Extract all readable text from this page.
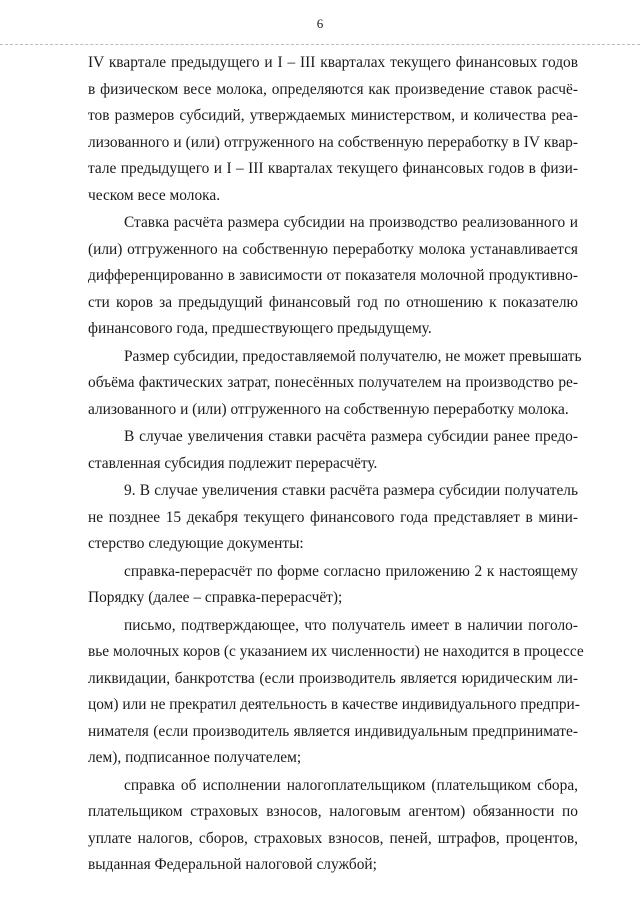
6
IV квартале предыдущего и I – III кварталах текущего финансовых годов
в физическом весе молока, определяются как произведение ставок расчё-
тов размеров субсидий, утверждаемых министерством, и количества реа-
лизованного и (или) отгруженного на собственную переработку в IV квар-
тале предыдущего и I – III кварталах текущего финансовых годов в физи-
ческом весе молока.
Ставка расчёта размера субсидии на производство реализованного и
(или) отгруженного на собственную переработку молока устанавливается
дифференцированно в зависимости от показателя молочной продуктивно-
сти коров за предыдущий финансовый год по отношению к показателю
финансового года, предшествующего предыдущему.
Размер субсидии, предоставляемой получателю, не может превышать
объёма фактических затрат, понесённых получателем на производство ре-
ализованного и (или) отгруженного на собственную переработку молока.
В случае увеличения ставки расчёта размера субсидии ранее предо-
ставленная субсидия подлежит перерасчёту.
9. В случае увеличения ставки расчёта размера субсидии получатель
не позднее 15 декабря текущего финансового года представляет в мини-
стерство следующие документы:
справка-перерасчёт по форме согласно приложению 2 к настоящему
Порядку (далее – справка-перерасчёт);
письмо, подтверждающее, что получатель имеет в наличии поголо-
вье молочных коров (с указанием их численности) не находится в процессе
ликвидации, банкротства (если производитель является юридическим ли-
цом) или не прекратил деятельность в качестве индивидуального предпри-
нимателя (если производитель является индивидуальным предпринимате-
лем), подписанное получателем;
справка об исполнении налогоплательщиком (плательщиком сбора,
плательщиком страховых взносов, налоговым агентом) обязанности по
уплате налогов, сборов, страховых взносов, пеней, штрафов, процентов,
выданная Федеральной налоговой службой;
